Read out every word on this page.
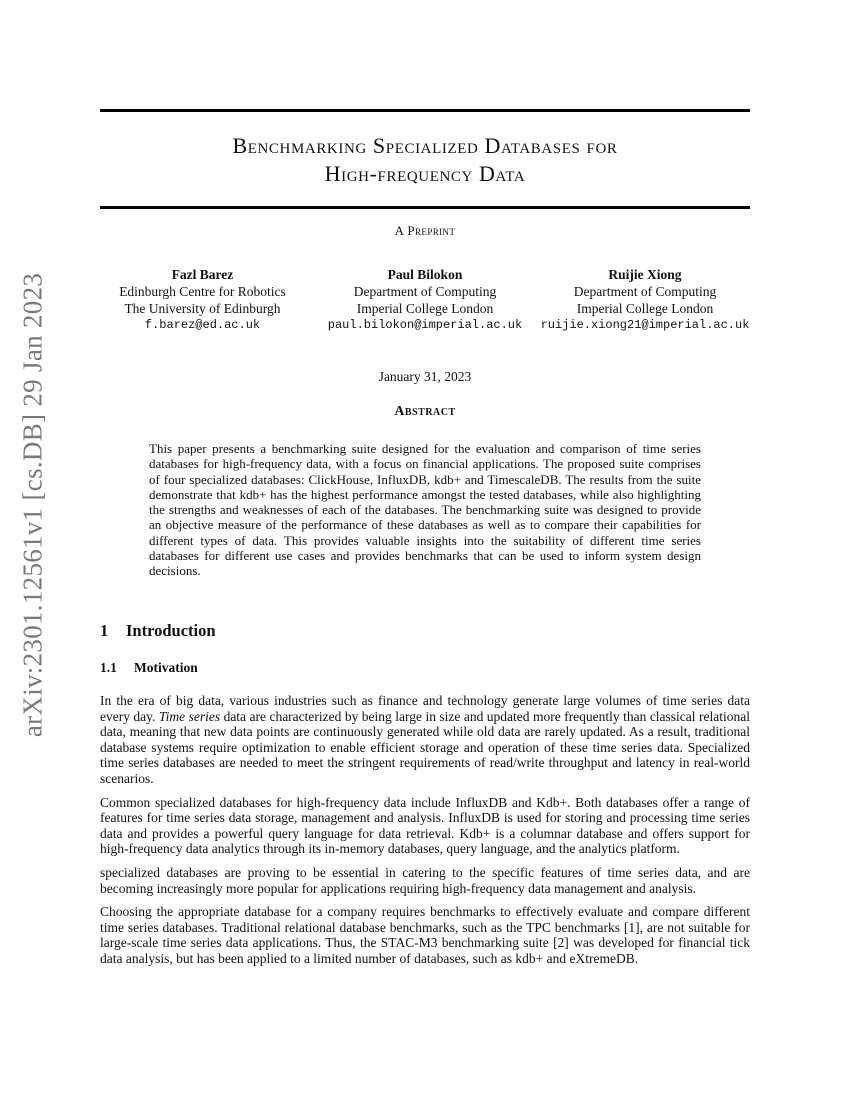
arXiv:2301.12561v1 [cs.DB] 29 Jan 2023
Benchmarking Specialized Databases for
High-frequency Data
A Preprint
Fazl Barez
Edinburgh Centre for Robotics
The University of Edinburgh
f.barez@ed.ac.uk
Paul Bilokon
Department of Computing
Imperial College London
paul.bilokon@imperial.ac.uk
Ruijie Xiong
Department of Computing
Imperial College London
ruijie.xiong21@imperial.ac.uk
January 31, 2023
Abstract
This paper presents a benchmarking suite designed for the evaluation and comparison of time series databases for high-frequency data, with a focus on financial applications. The proposed suite comprises of four specialized databases: ClickHouse, InfluxDB, kdb+ and TimescaleDB. The results from the suite demonstrate that kdb+ has the highest performance amongst the tested databases, while also highlighting the strengths and weaknesses of each of the databases. The benchmarking suite was designed to provide an objective measure of the performance of these databases as well as to compare their capabilities for different types of data. This provides valuable insights into the suitability of different time series databases for different use cases and provides benchmarks that can be used to inform system design decisions.
1 Introduction
1.1 Motivation

In the era of big data, various industries such as finance and technology generate large volumes of time series data every day. Time series data are characterized by being large in size and updated more frequently than classical relational data, meaning that new data points are continuously generated while old data are rarely updated. As a result, traditional database systems require optimization to enable efficient storage and operation of these time series data. Specialized time series databases are needed to meet the stringent requirements of read/write throughput and latency in real-world scenarios.

Common specialized databases for high-frequency data include InfluxDB and Kdb+. Both databases offer a range of features for time series data storage, management and analysis. InfluxDB is used for storing and processing time series data and provides a powerful query language for data retrieval. Kdb+ is a columnar database and offers support for high-frequency data analytics through its in-memory databases, query language, and the analytics platform.

specialized databases are proving to be essential in catering to the specific features of time series data, and are becoming increasingly more popular for applications requiring high-frequency data management and analysis.

Choosing the appropriate database for a company requires benchmarks to effectively evaluate and compare different time series databases. Traditional relational database benchmarks, such as the TPC benchmarks [1], are not suitable for large-scale time series data applications. Thus, the STAC-M3 benchmarking suite [2] was developed for financial tick data analysis, but has been applied to a limited number of databases, such as kdb+ and eXtremeDB.
